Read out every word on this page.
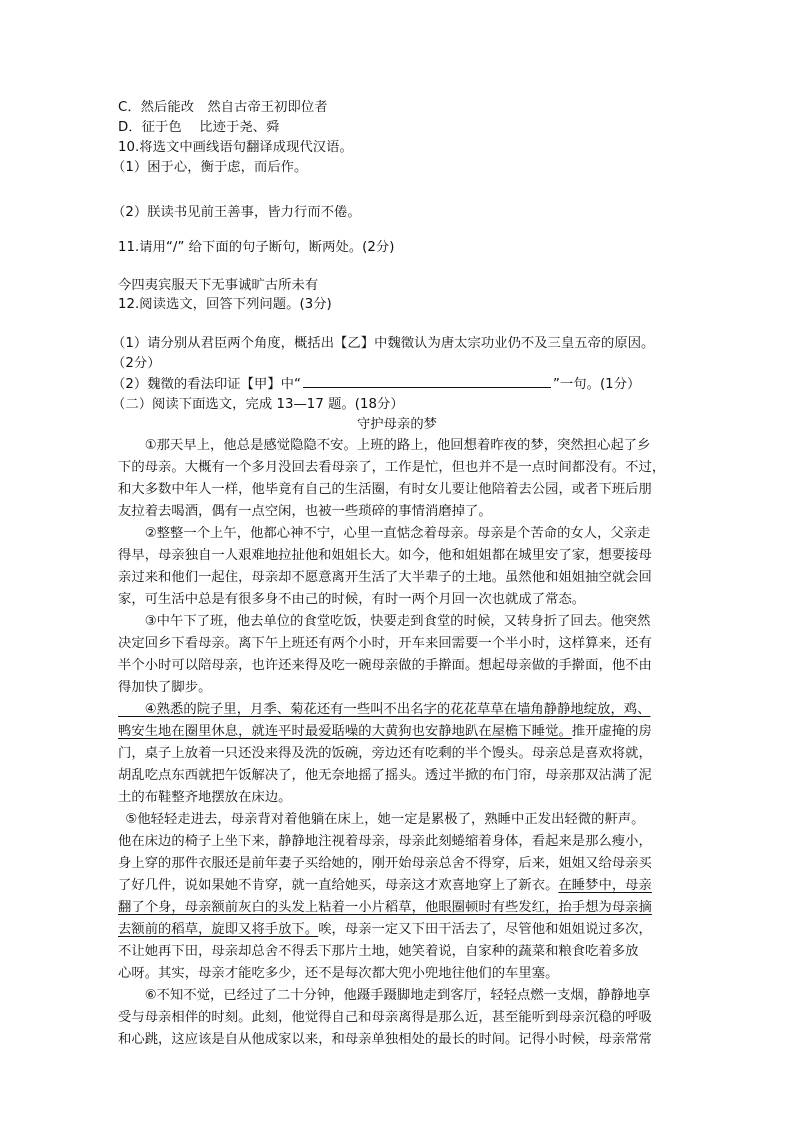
C．然后能改　然自古帝王初即位者
D．征于色　 比迹于尧、舜
10.将选文中画线语句翻译成现代汉语。
（1）困于心，衡于虑，而后作。
（2）朕读书见前王善事，皆力行而不倦。
11.请用“/” 给下面的句子断句，断两处。(2分)
今四夷宾服天下无事诚旷古所未有
12.阅读选文，回答下列问题。(3分)
（1）请分别从君臣两个角度，概括出【乙】中魏徵认为唐太宗功业仍不及三皇五帝的原因。
（2分）
（2）魏徵的看法印证【甲】中“	”一句。(1分）
（二）阅读下面选文，完成 13—17 题。(18分）
守护母亲的梦
　　①那天早上，他总是感觉隐隐不安。上班的路上，他回想着昨夜的梦，突然担心起了乡
下的母亲。大概有一个多月没回去看母亲了，工作是忙，但也并不是一点时间都没有。不过，
和大多数中年人一样，他毕竟有自己的生活圈，有时女儿要让他陪着去公园，或者下班后朋
友拉着去喝酒，偶有一点空闲，也被一些琐碎的事情消磨掉了。
　　②整整一个上午，他都心神不宁，心里一直惦念着母亲。母亲是个苦命的女人，父亲走
得早，母亲独自一人艰难地拉扯他和姐姐长大。如今，他和姐姐都在城里安了家，想要接母
亲过来和他们一起住，母亲却不愿意离开生活了大半辈子的土地。虽然他和姐姐抽空就会回
家，可生活中总是有很多身不由己的时候，有时一两个月回一次也就成了常态。
　　③中午下了班，他去单位的食堂吃饭，快要走到食堂的时候，又转身折了回去。他突然
决定回乡下看母亲。离下午上班还有两个小时，开车来回需要一个半小时，这样算来，还有
半个小时可以陪母亲，也许还来得及吃一碗母亲做的手擀面。想起母亲做的手擀面，他不由
得加快了脚步。
　　④熟悉的院子里，月季、菊花还有一些叫不出名字的花花草草在墙角静静地绽放，鸡、
鸭安生地在圈里休息，就连平时最爱聒噪的大黄狗也安静地趴在屋檐下睡觉。推开虚掩的房
门，桌子上放着一只还没来得及洗的饭碗，旁边还有吃剩的半个馒头。母亲总是喜欢将就，
胡乱吃点东西就把午饭解决了，他无奈地摇了摇头。透过半掀的布门帘，母亲那双沾满了泥
土的布鞋整齐地摆放在床边。
　⑤他轻轻走进去，母亲背对着他躺在床上，她一定是累极了，熟睡中正发出轻微的鼾声。
他在床边的椅子上坐下来，静静地注视着母亲，母亲此刻蜷缩着身体，看起来是那么瘦小，
身上穿的那件衣服还是前年妻子买给她的，刚开始母亲总舍不得穿，后来，姐姐又给母亲买
了好几件，说如果她不肯穿，就一直给她买，母亲这才欢喜地穿上了新衣。在睡梦中，母亲
翻了个身，母亲额前灰白的头发上粘着一小片稻草，他眼圈顿时有些发红，抬手想为母亲摘
去额前的稻草，旋即又将手放下。唉，母亲一定又下田干活去了，尽管他和姐姐说过多次，
不让她再下田，母亲却总舍不得丢下那片土地，她笑着说，自家种的蔬菜和粮食吃着多放
心呀。其实，母亲才能吃多少，还不是每次都大兜小兜地往他们的车里塞。
　　⑥不知不觉，已经过了二十分钟，他蹑手蹑脚地走到客厅，轻轻点燃一支烟，静静地享
受与母亲相伴的时刻。此刻，他觉得自己和母亲离得是那么近，甚至能听到母亲沉稳的呼吸
和心跳，这应该是自从他成家以来，和母亲单独相处的最长的时间。记得小时候，母亲常常
